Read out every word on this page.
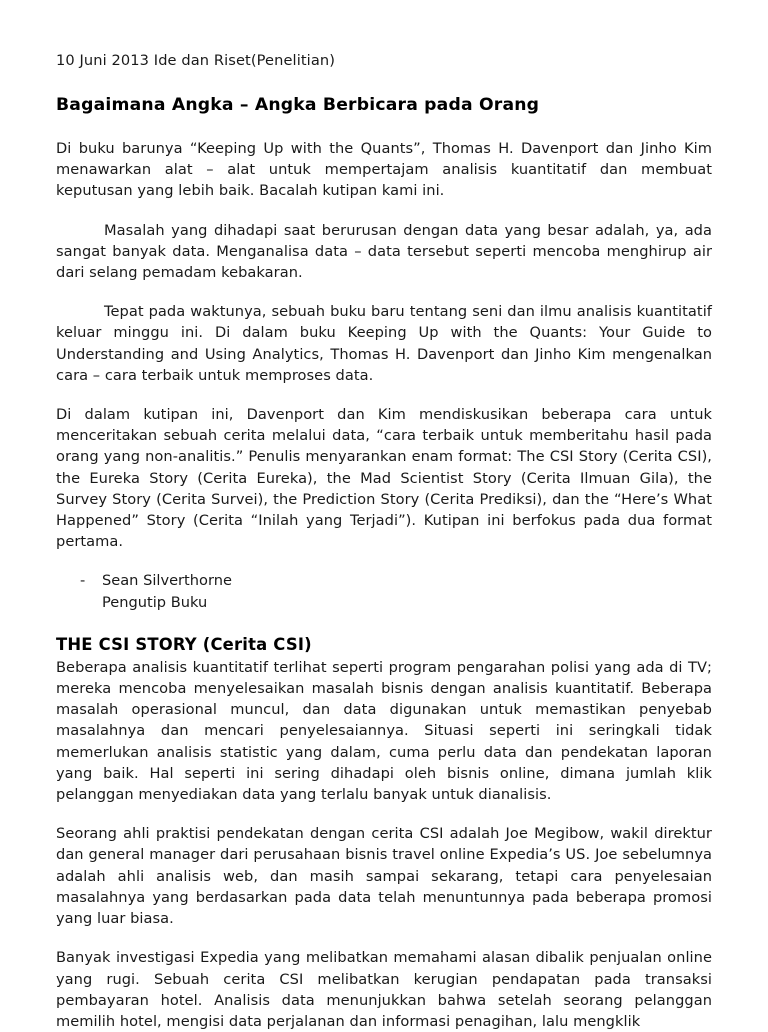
10 Juni 2013 Ide dan Riset(Penelitian)
Bagaimana Angka – Angka Berbicara pada Orang

Di buku barunya “Keeping Up with the Quants”, Thomas H. Davenport dan Jinho Kim menawarkan alat – alat untuk mempertajam analisis kuantitatif dan membuat keputusan yang lebih baik. Bacalah kutipan kami ini.

Masalah yang dihadapi saat berurusan dengan data yang besar adalah, ya, ada sangat banyak data. Menganalisa data – data tersebut seperti mencoba menghirup air dari selang pemadam kebakaran.

Tepat pada waktunya, sebuah buku baru tentang seni dan ilmu analisis kuantitatif keluar minggu ini. Di dalam buku Keeping Up with the Quants: Your Guide to Understanding and Using Analytics, Thomas H. Davenport dan Jinho Kim mengenalkan cara – cara terbaik untuk memproses data.

Di dalam kutipan ini, Davenport dan Kim mendiskusikan beberapa cara untuk menceritakan sebuah cerita melalui data, “cara terbaik untuk memberitahu hasil pada orang yang non-analitis.” Penulis menyarankan enam format: The CSI Story (Cerita CSI), the Eureka Story (Cerita Eureka), the Mad Scientist Story (Cerita Ilmuan Gila), the Survey Story (Cerita Survei), the Prediction Story (Cerita Prediksi), dan the “Here’s What Happened” Story (Cerita “Inilah yang Terjadi”). Kutipan ini berfokus pada dua format pertama.

-	Sean Silverthorne
Pengutip Buku
THE CSI STORY (Cerita CSI)

Beberapa analisis kuantitatif terlihat seperti program pengarahan polisi yang ada di TV; mereka mencoba menyelesaikan masalah bisnis dengan analisis kuantitatif. Beberapa masalah operasional muncul, dan data digunakan untuk memastikan penyebab masalahnya dan mencari penyelesaiannya. Situasi seperti ini seringkali tidak memerlukan analisis statistic yang dalam, cuma perlu data dan pendekatan laporan yang baik. Hal seperti ini sering dihadapi oleh bisnis online, dimana jumlah klik pelanggan menyediakan data yang terlalu banyak untuk dianalisis.

Seorang ahli praktisi pendekatan dengan cerita CSI adalah Joe Megibow, wakil direktur dan general manager dari perusahaan bisnis travel online Expedia’s US. Joe sebelumnya adalah ahli analisis web, dan masih sampai sekarang, tetapi cara penyelesaian masalahnya yang berdasarkan pada data telah menuntunnya pada beberapa promosi yang luar biasa.

Banyak investigasi Expedia yang melibatkan memahami alasan dibalik penjualan online yang rugi. Sebuah cerita CSI melibatkan kerugian pendapatan pada transaksi pembayaran hotel. Analisis data menunjukkan bahwa setelah seorang pelanggan memilih hotel, mengisi data perjalanan dan informasi penagihan, lalu mengklik
